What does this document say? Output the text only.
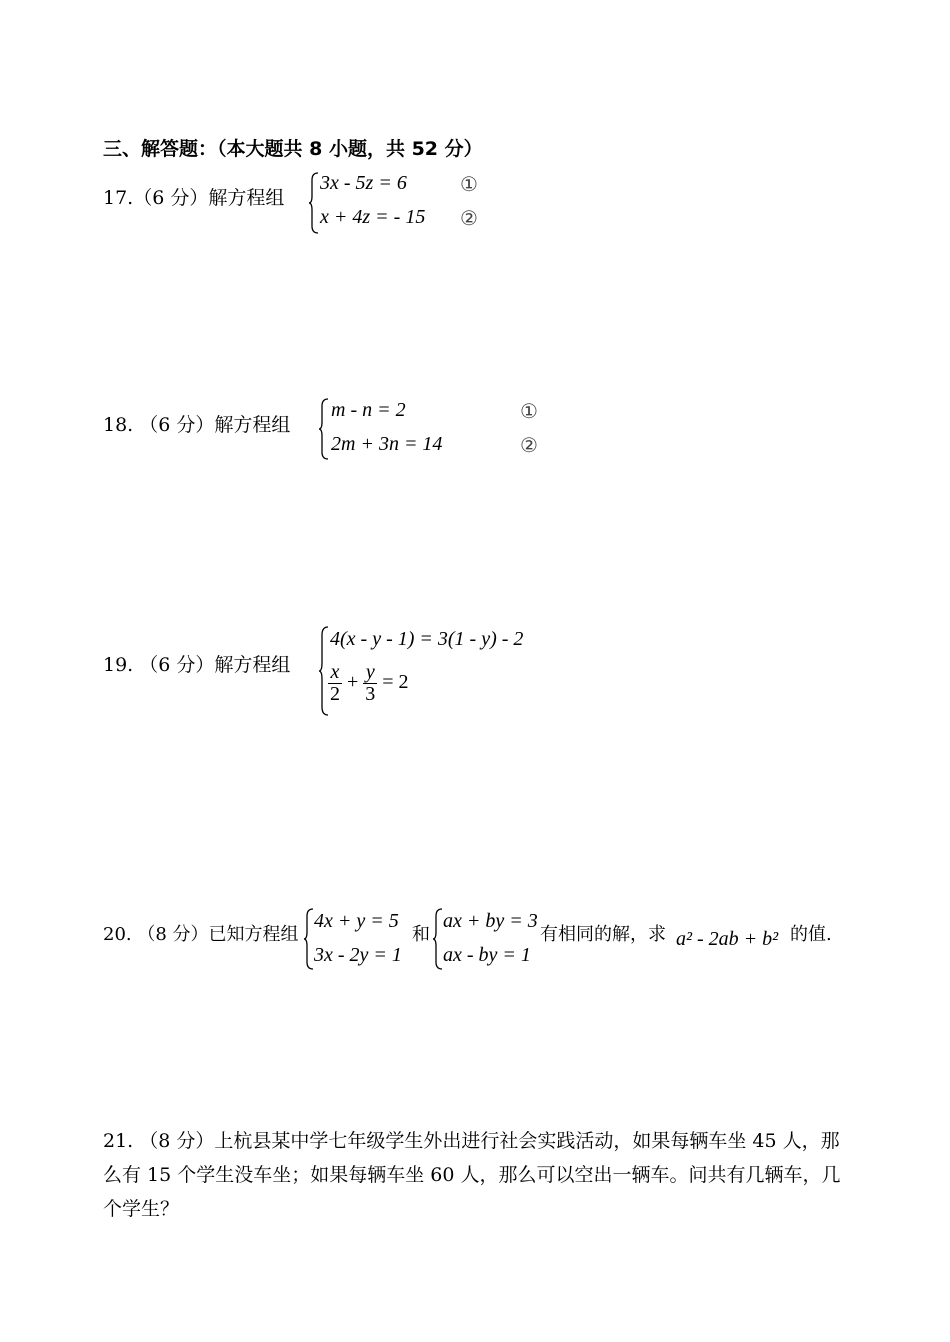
三、解答题：（本大题共 8 小题，共 52 分）
17.（6 分）解方程组
3x - 5z = 6	①
x + 4z = - 15 ②
18. （6 分）解方程组
m - n = 2	①
2m + 3n = 14	②
19. （6 分）解方程组
4(x - y - 1) = 3(1 - y) - 2
$\frac{x}{2} + \frac{y}{3} = 2$
20. （8 分）已知方程组
4x + y = 5
3x - 2y = 1
和
ax + by = 3
ax - by = 1
有相同的解，求 a² - 2ab + b² 的值.
21. （8 分）上杭县某中学七年级学生外出进行社会实践活动，如果每辆车坐 45 人，那么有 15 个学生没车坐；如果每辆车坐 60 人，那么可以空出一辆车。问共有几辆车，几个学生？
